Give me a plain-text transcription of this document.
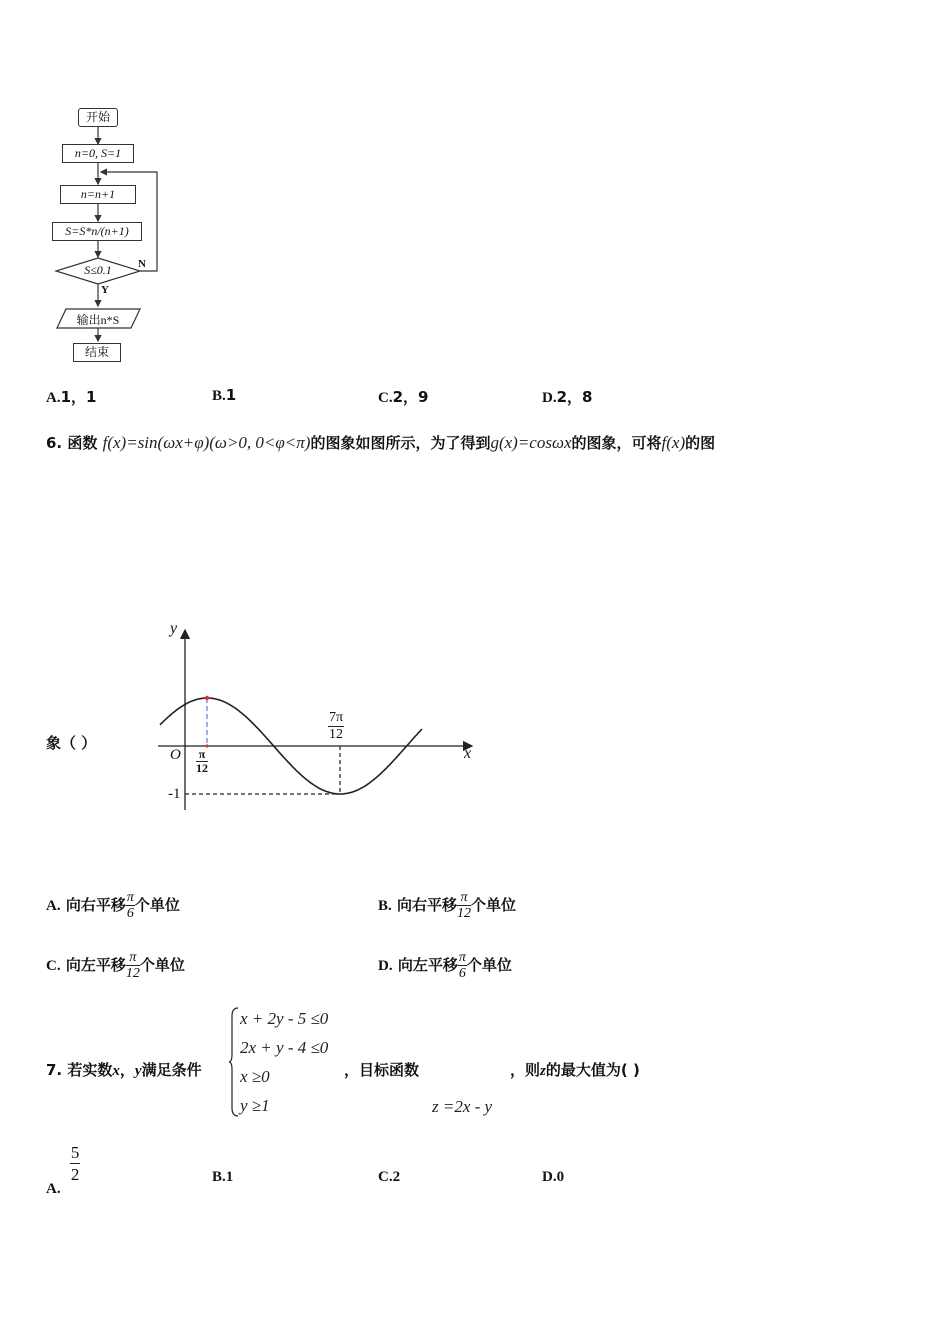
开始
n=0, S=1
n=n+1
S=S*n/(n+1)
S≤0.1	N
Y
输出n*S
结束
A.1，1	B.1	C.2，9	D.2，8
6. 函数 f(x)=sin(ωx+φ)(ω>0, 0<φ<π)的图象如图所示，为了得到g(x)=cosωx的图象，可将f(x)的图
象（ ）
y
x
O $\frac{\pi}{12}$
$\frac{7\pi}{12}$
-1
A. 向右平移 $\frac{\pi}{6}$ 个单位	B. 向右平移 $\frac{\pi}{12}$ 个单位
C. 向左平移 $\frac{\pi}{12}$ 个单位	D. 向左平移 $\frac{\pi}{6}$ 个单位
7. 若实数x，y满足条件
x + 2y - 5 ≤0
2x + y - 4 ≤0
x ≥0
y ≥1
，目标函数	，则z的最大值为( )
z =2x - y
A.
$\frac{5}{2}$	B.1	C.2	D.0
